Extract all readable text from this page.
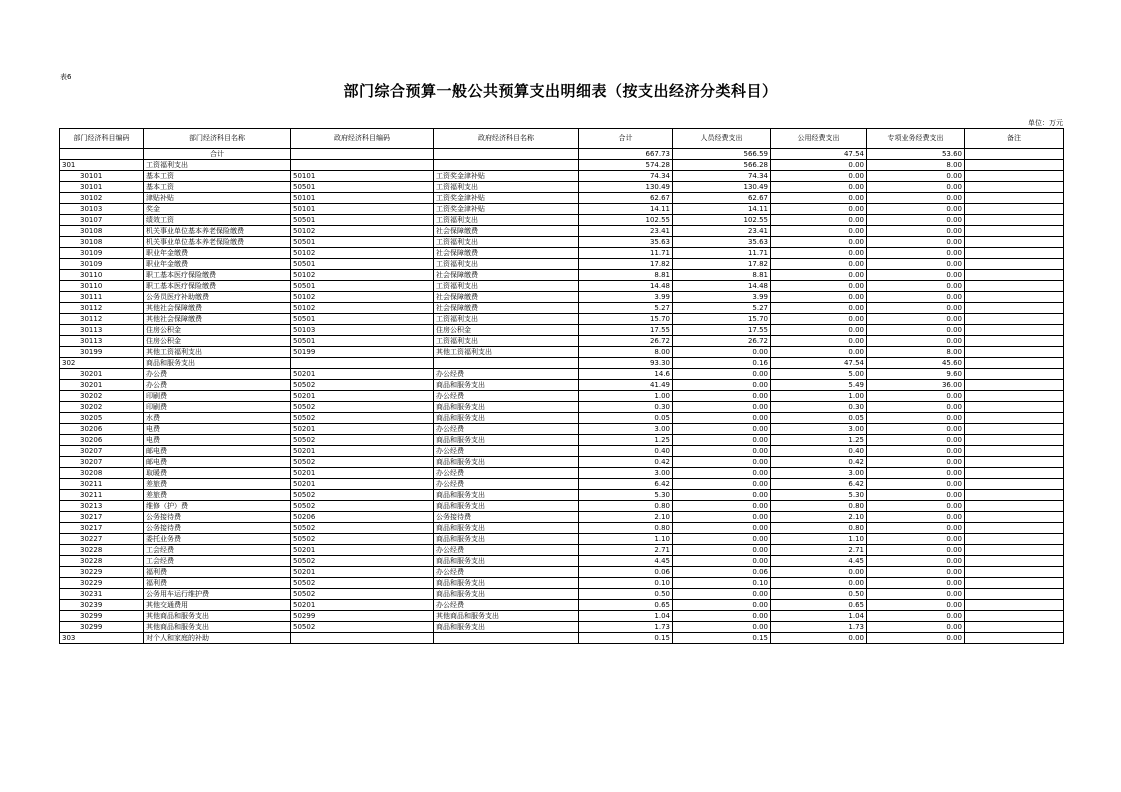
表6
部门综合预算一般公共预算支出明细表（按支出经济分类科目）
单位：万元
部门经济科目编码	部门经济科目名称	政府经济科目编码	政府经济科目名称	合计	人员经费支出	公用经费支出	专项业务经费支出	备注
	合计			667.73	566.59	47.54	53.60	
301	工资福利支出			574.28	566.28	0.00	8.00	
30101	基本工资	50101	工资奖金津补贴	74.34	74.34	0.00	0.00	
30101	基本工资	50501	工资福利支出	130.49	130.49	0.00	0.00	
30102	津贴补贴	50101	工资奖金津补贴	62.67	62.67	0.00	0.00	
30103	奖金	50101	工资奖金津补贴	14.11	14.11	0.00	0.00	
30107	绩效工资	50501	工资福利支出	102.55	102.55	0.00	0.00	
30108	机关事业单位基本养老保险缴费	50102	社会保障缴费	23.41	23.41	0.00	0.00	
30108	机关事业单位基本养老保险缴费	50501	工资福利支出	35.63	35.63	0.00	0.00	
30109	职业年金缴费	50102	社会保障缴费	11.71	11.71	0.00	0.00	
30109	职业年金缴费	50501	工资福利支出	17.82	17.82	0.00	0.00	
30110	职工基本医疗保险缴费	50102	社会保障缴费	8.81	8.81	0.00	0.00	
30110	职工基本医疗保险缴费	50501	工资福利支出	14.48	14.48	0.00	0.00	
30111	公务员医疗补助缴费	50102	社会保障缴费	3.99	3.99	0.00	0.00	
30112	其他社会保障缴费	50102	社会保障缴费	5.27	5.27	0.00	0.00	
30112	其他社会保障缴费	50501	工资福利支出	15.70	15.70	0.00	0.00	
30113	住房公积金	50103	住房公积金	17.55	17.55	0.00	0.00	
30113	住房公积金	50501	工资福利支出	26.72	26.72	0.00	0.00	
30199	其他工资福利支出	50199	其他工资福利支出	8.00	0.00	0.00	8.00	
302	商品和服务支出			93.30	0.16	47.54	45.60	
30201	办公费	50201	办公经费	14.6	0.00	5.00	9.60	
30201	办公费	50502	商品和服务支出	41.49	0.00	5.49	36.00	
30202	印刷费	50201	办公经费	1.00	0.00	1.00	0.00	
30202	印刷费	50502	商品和服务支出	0.30	0.00	0.30	0.00	
30205	水费	50502	商品和服务支出	0.05	0.00	0.05	0.00	
30206	电费	50201	办公经费	3.00	0.00	3.00	0.00	
30206	电费	50502	商品和服务支出	1.25	0.00	1.25	0.00	
30207	邮电费	50201	办公经费	0.40	0.00	0.40	0.00	
30207	邮电费	50502	商品和服务支出	0.42	0.00	0.42	0.00	
30208	取暖费	50201	办公经费	3.00	0.00	3.00	0.00	
30211	差旅费	50201	办公经费	6.42	0.00	6.42	0.00	
30211	差旅费	50502	商品和服务支出	5.30	0.00	5.30	0.00	
30213	维修（护）费	50502	商品和服务支出	0.80	0.00	0.80	0.00	
30217	公务接待费	50206	公务接待费	2.10	0.00	2.10	0.00	
30217	公务接待费	50502	商品和服务支出	0.80	0.00	0.80	0.00	
30227	委托业务费	50502	商品和服务支出	1.10	0.00	1.10	0.00	
30228	工会经费	50201	办公经费	2.71	0.00	2.71	0.00	
30228	工会经费	50502	商品和服务支出	4.45	0.00	4.45	0.00	
30229	福利费	50201	办公经费	0.06	0.06	0.00	0.00	
30229	福利费	50502	商品和服务支出	0.10	0.10	0.00	0.00	
30231	公务用车运行维护费	50502	商品和服务支出	0.50	0.00	0.50	0.00	
30239	其他交通费用	50201	办公经费	0.65	0.00	0.65	0.00	
30299	其他商品和服务支出	50299	其他商品和服务支出	1.04	0.00	1.04	0.00	
30299	其他商品和服务支出	50502	商品和服务支出	1.73	0.00	1.73	0.00	
303	对个人和家庭的补助			0.15	0.15	0.00	0.00	
